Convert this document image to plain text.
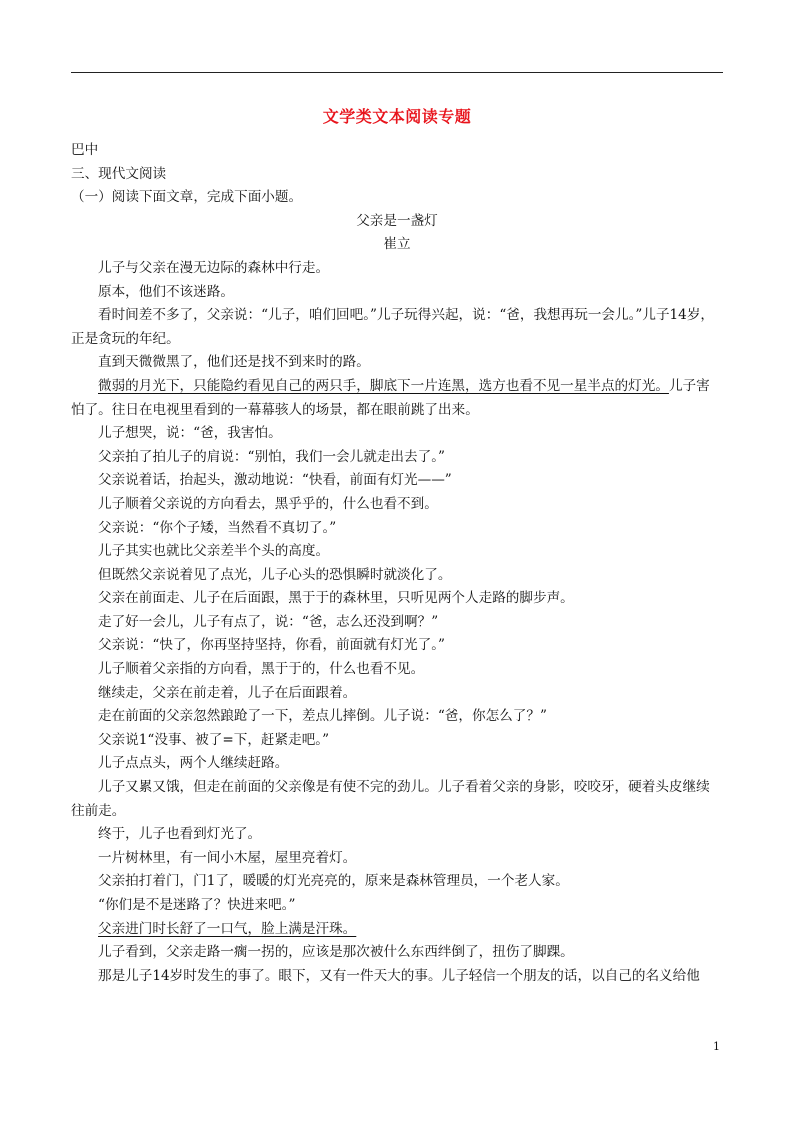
文学类文本阅读专题

巴中

三、现代文阅读

（一）阅读下面文章，完成下面小题。

父亲是一盏灯

崔立

儿子与父亲在漫无边际的森林中行走。

原本，他们不该迷路。

看时间差不多了，父亲说：“儿子，咱们回吧。”儿子玩得兴起，说：“爸，我想再玩一会儿。”儿子14岁，正是贪玩的年纪。

直到天微微黑了，他们还是找不到来时的路。

微弱的月光下，只能隐约看见自己的两只手，脚底下一片连黑，选方也看不见一星半点的灯光。儿子害怕了。往日在电视里看到的一幕幕骇人的场景，都在眼前跳了出来。

儿子想哭，说：“爸，我害怕。

父亲拍了拍儿子的肩说：“别怕，我们一会儿就走出去了。”

父亲说着话，抬起头，激动地说：“快看，前面有灯光——”

儿子顺着父亲说的方向看去，黑乎乎的，什么也看不到。

父亲说：“你个子矮，当然看不真切了。”

儿子其实也就比父亲差半个头的高度。

但既然父亲说着见了点光，儿子心头的恐惧瞬时就淡化了。

父亲在前面走、儿子在后面跟，黑于于的森林里，只听见两个人走路的脚步声。

走了好一会儿，儿子有点了，说：“爸，志么还没到啊？”

父亲说：“快了，你再坚持坚持，你看，前面就有灯光了。”

儿子顺着父亲指的方向看，黑于于的，什么也看不见。

继续走，父亲在前走着，儿子在后面跟着。

走在前面的父亲忽然踉跄了一下，差点儿摔倒。儿子说：“爸，你怎么了？”

父亲说1“没事、被了=下，赶紧走吧。”

儿子点点头，两个人继续赶路。

儿子又累又饿，但走在前面的父亲像是有使不完的劲儿。儿子看着父亲的身影，咬咬牙，硬着头皮继续往前走。

终于，儿子也看到灯光了。

一片树林里，有一间小木屋，屋里亮着灯。

父亲拍打着门，门1了，暖暖的灯光亮亮的，原来是森林管理员，一个老人家。

“你们是不是迷路了？快进来吧。”

父亲进门时长舒了一口气，脸上满是汗珠。

儿子看到，父亲走路一瘸一拐的，应该是那次被什么东西绊倒了，扭伤了脚踝。

那是儿子14岁时发生的事了。眼下，又有一件天大的事。儿子轻信一个朋友的话，以自己的名义给他

1
